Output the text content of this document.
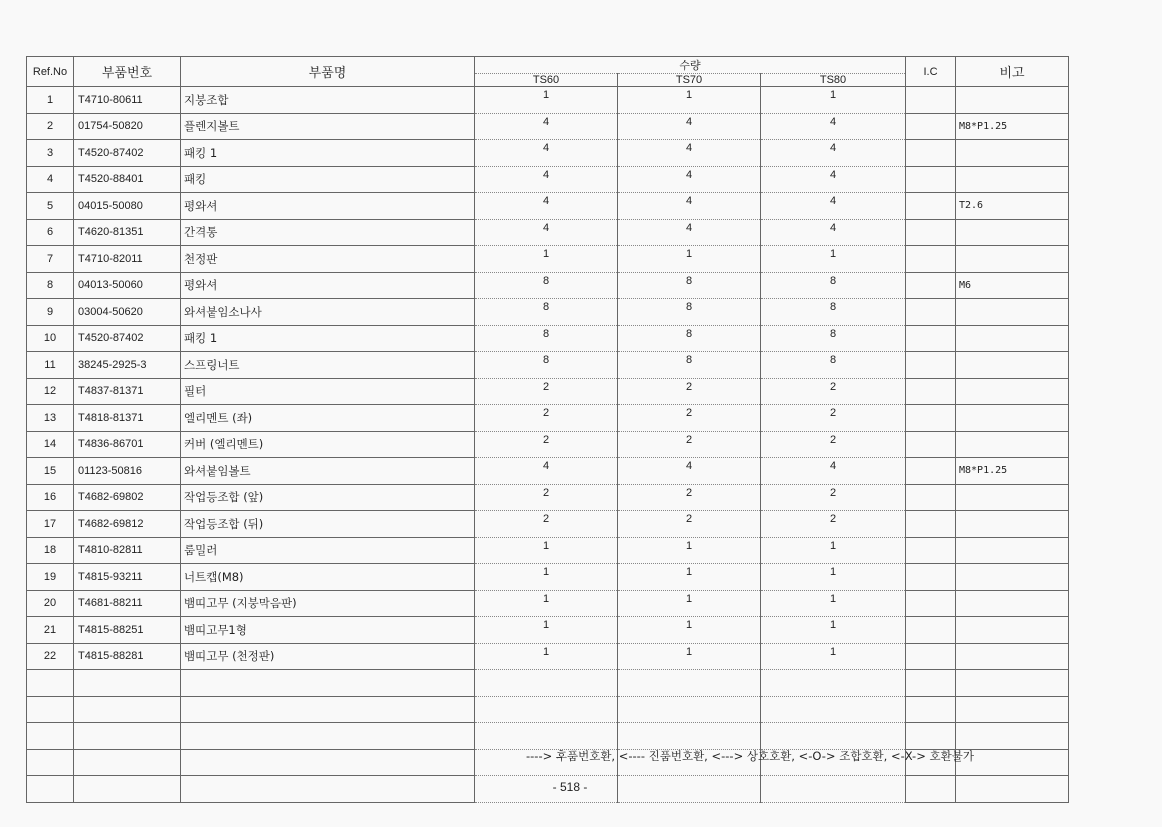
Ref.No	부품번호	부품명	수량			I.C	비고
			TS60	TS70	TS80		
1	T4710-80611	지붕조합	1	1	1		
2	01754-50820	플렌지볼트	4	4	4		M8*P1.25
3	T4520-87402	패킹 1	4	4	4		
4	T4520-88401	패킹	4	4	4		
5	04015-50080	평와셔	4	4	4		T2.6
6	T4620-81351	간격통	4	4	4		
7	T4710-82011	천정판	1	1	1		
8	04013-50060	평와셔	8	8	8		M6
9	03004-50620	와셔붙임소나사	8	8	8		
10	T4520-87402	패킹 1	8	8	8		
11	38245-2925-3	스프링너트	8	8	8		
12	T4837-81371	필터	2	2	2		
13	T4818-81371	엘리멘트 (좌)	2	2	2		
14	T4836-86701	커버 (엘리멘트)	2	2	2		
15	01123-50816	와셔붙임볼트	4	4	4		M8*P1.25
16	T4682-69802	작업등조합 (앞)	2	2	2		
17	T4682-69812	작업등조합 (뒤)	2	2	2		
18	T4810-82811	룸밀러	1	1	1		
19	T4815-93211	너트캡(M8)	1	1	1		
20	T4681-88211	뱀띠고무 (지붕막음판)	1	1	1		
21	T4815-88251	뱀띠고무1형	1	1	1		
22	T4815-88281	뱀띠고무 (천정판)	1	1	1		

----> 후품번호환, <---- 진품번호환, <---> 상호호환, <-O-> 조합호환, <-X-> 호환불가
- 518 -
